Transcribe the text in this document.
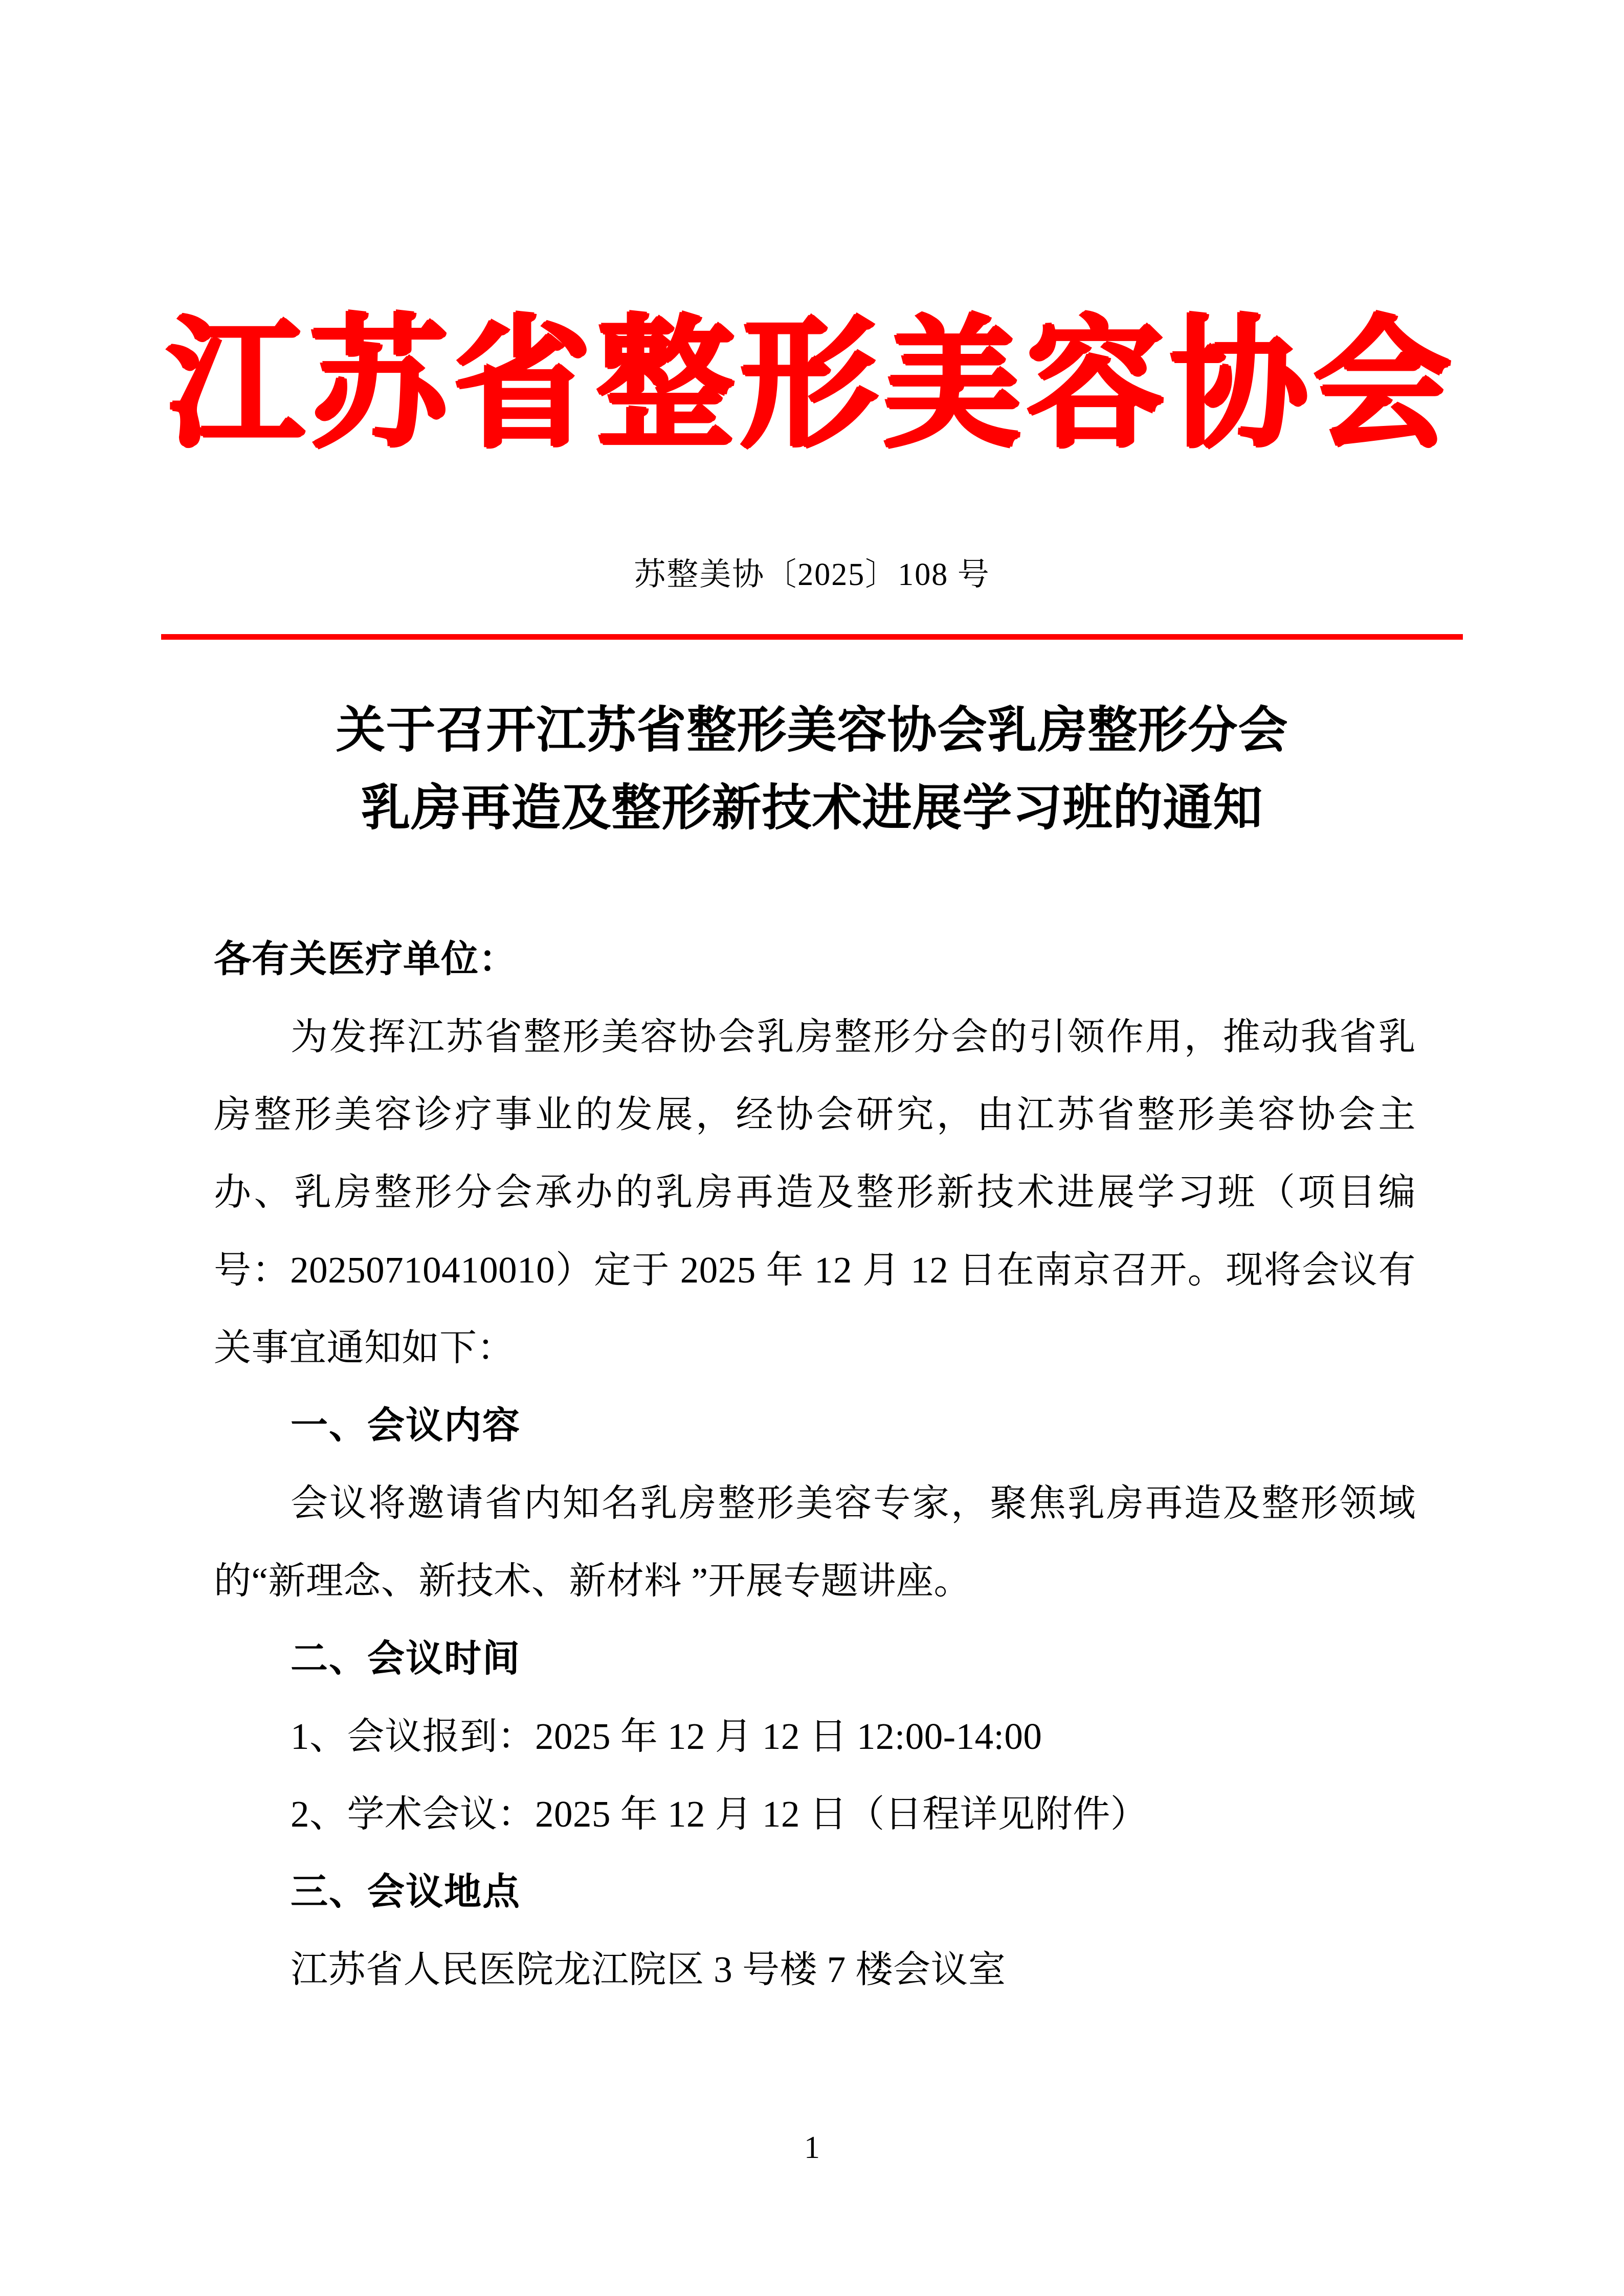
江苏省整形美容协会
苏整美协〔2025〕108 号
关于召开江苏省整形美容协会乳房整形分会
乳房再造及整形新技术进展学习班的通知
各有关医疗单位：
为发挥江苏省整形美容协会乳房整形分会的引领作用，推动我省乳房整形美容诊疗事业的发展，经协会研究，由江苏省整形美容协会主办、乳房整形分会承办的乳房再造及整形新技术进展学习班（项目编号：20250710410010）定于 2025 年 12 月 12 日在南京召开。现将会议有关事宜通知如下：
一、会议内容
会议将邀请省内知名乳房整形美容专家，聚焦乳房再造及整形领域的“新理念、新技术、新材料 ”开展专题讲座。
二、会议时间
1、会议报到：2025 年 12 月 12 日 12:00-14:00
2、学术会议：2025 年 12 月 12 日（日程详见附件）
三、会议地点
江苏省人民医院龙江院区 3 号楼 7 楼会议室
1
